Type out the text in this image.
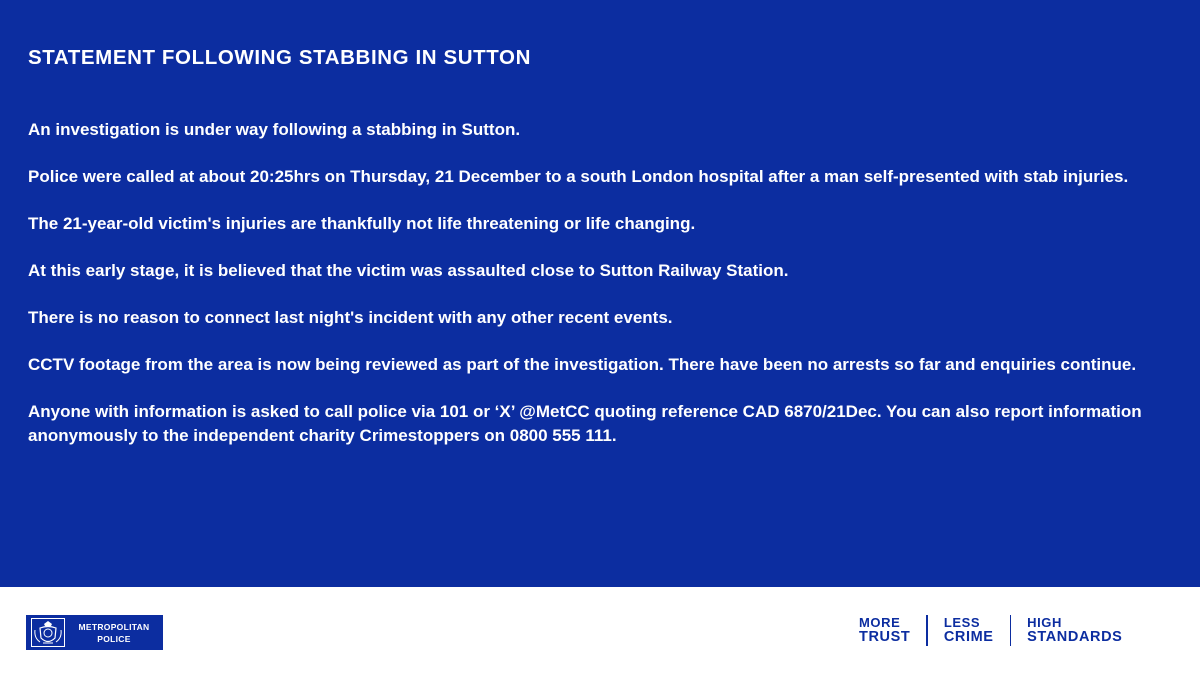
STATEMENT FOLLOWING STABBING IN SUTTON

An investigation is under way following a stabbing in Sutton.

Police were called at about 20:25hrs on Thursday, 21 December to a south London hospital after a man self-presented with stab injuries.

The 21-year-old victim's injuries are thankfully not life threatening or life changing.

At this early stage, it is believed that the victim was assaulted close to Sutton Railway Station.

There is no reason to connect last night's incident with any other recent events.

CCTV footage from the area is now being reviewed as part of the investigation. There have been no arrests so far and enquiries continue.

Anyone with information is asked to call police via 101 or ‘X’ @MetCC quoting reference CAD 6870/21Dec. You can also report information anonymously to the independent charity Crimestoppers on 0800 555 111.

METROPOLITAN
POLICE
MORE
TRUST
LESS
CRIME
HIGH
STANDARDS
